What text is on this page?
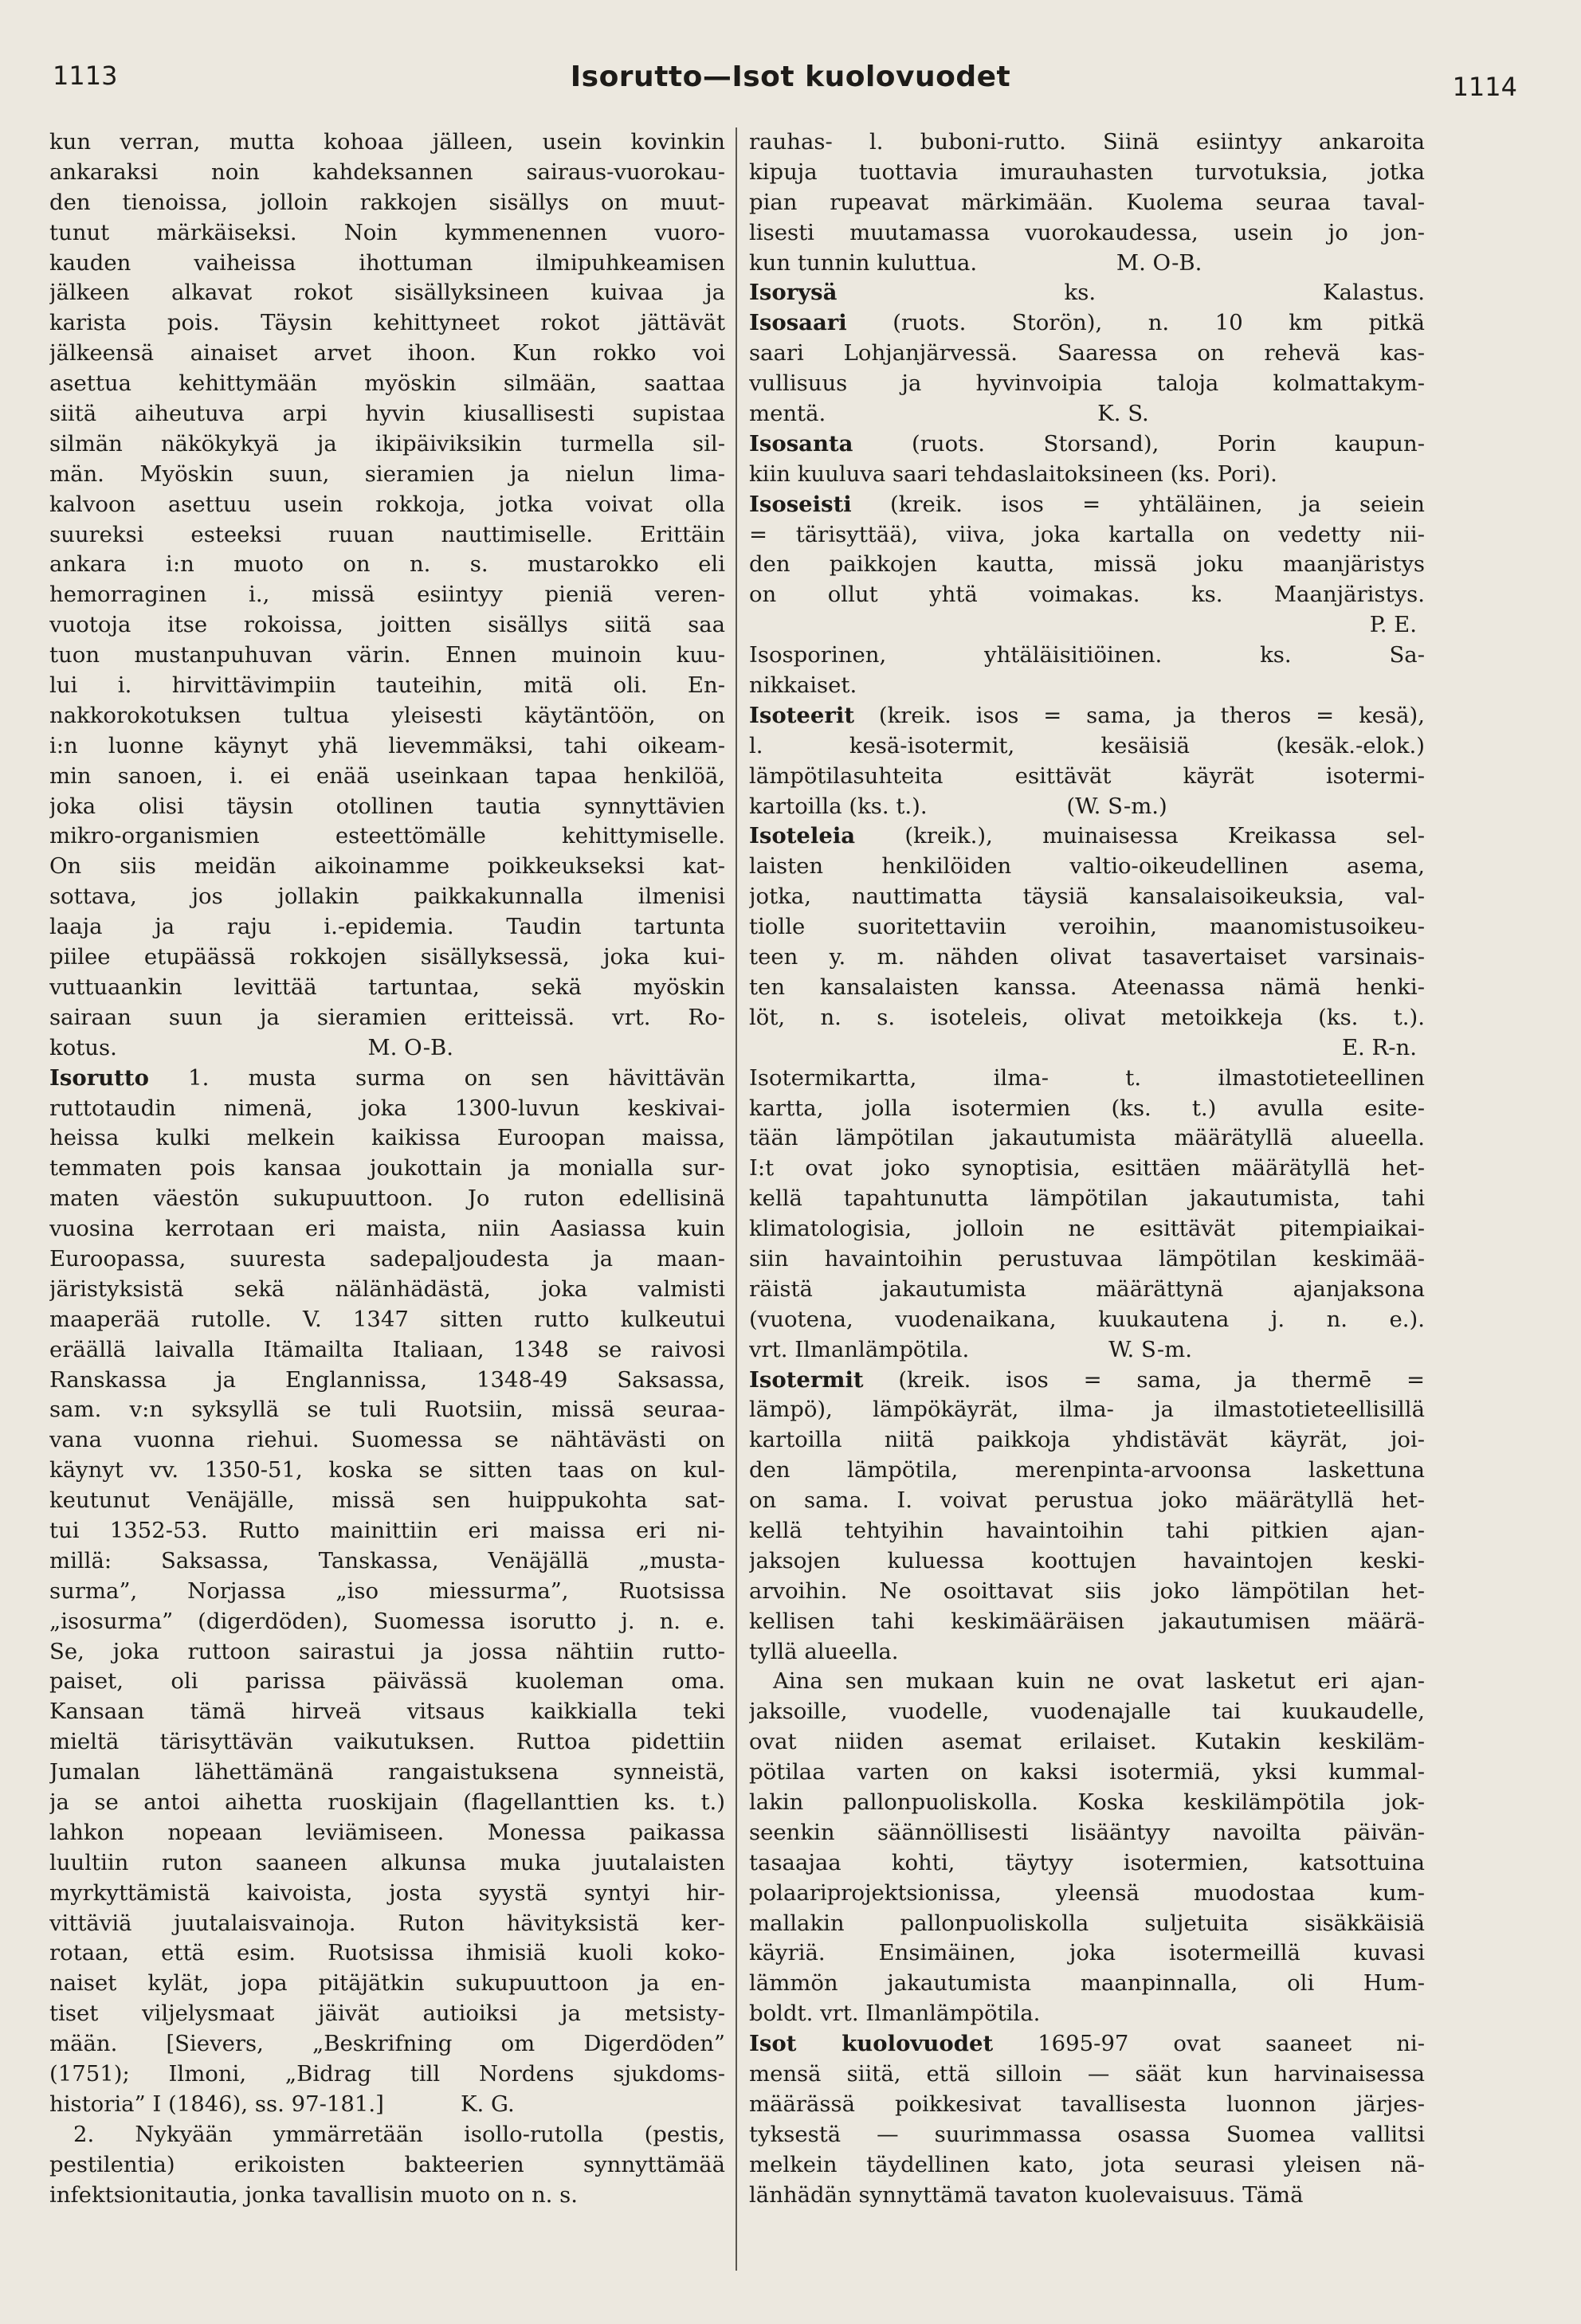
1113	Isorutto—Isot kuolovuodet	1114
kun verran, mutta kohoaa jälleen, usein kovinkin
ankaraksi noin kahdeksannen sairaus-vuorokau-
den tienoissa, jolloin rakkojen sisällys on muut-
tunut märkäiseksi. Noin kymmenennen vuoro-
kauden vaiheissa ihottuman ilmipuhkeamisen
jälkeen alkavat rokot sisällyksineen kuivaa ja
karista pois. Täysin kehittyneet rokot jättävät
jälkeensä ainaiset arvet ihoon. Kun rokko voi
asettua kehittymään myöskin silmään, saattaa
siitä aiheutuva arpi hyvin kiusallisesti supistaa
silmän näkökykyä ja ikipäiviksikin turmella sil-
män. Myöskin suun, sieramien ja nielun lima-
kalvoon asettuu usein rokkoja, jotka voivat olla
suureksi esteeksi ruuan nauttimiselle. Erittäin
ankara i:n muoto on n. s. mustarokko eli
hemorraginen i., missä esiintyy pieniä veren-
vuotoja itse rokoissa, joitten sisällys siitä saa
tuon mustanpuhuvan värin. Ennen muinoin kuu-
lui i. hirvittävimpiin tauteihin, mitä oli. En-
nakkorokotuksen tultua yleisesti käytäntöön, on
i:n luonne käynyt yhä lievemmäksi, tahi oikeam-
min sanoen, i. ei enää useinkaan tapaa henkilöä,
joka olisi täysin otollinen tautia synnyttävien
mikro-organismien esteettömälle kehittymiselle.
On siis meidän aikoinamme poikkeukseksi kat-
sottava, jos jollakin paikkakunnalla ilmenisi
laaja ja raju i.-epidemia. Taudin tartunta
piilee etupäässä rokkojen sisällyksessä, joka kui-
vuttuaankin levittää tartuntaa, sekä myöskin
sairaan suun ja sieramien eritteissä. vrt. Ro-
kotus.                                    M. O-B.
Isorutto 1. musta surma on sen hävittävän
ruttotaudin nimenä, joka 1300-luvun keskivai-
heissa kulki melkein kaikissa Euroopan maissa,
temmaten pois kansaa joukottain ja monialla sur-
maten väestön sukupuuttoon. Jo ruton edellisinä
vuosina kerrotaan eri maista, niin Aasiassa kuin
Euroopassa, suuresta sadepaljoudesta ja maan-
järistyksistä sekä nälänhädästä, joka valmisti
maaperää rutolle. V. 1347 sitten rutto kulkeutui
eräällä laivalla Itämailta Italiaan, 1348 se raivosi
Ranskassa ja Englannissa, 1348-49 Saksassa,
sam. v:n syksyllä se tuli Ruotsiin, missä seuraa-
vana vuonna riehui. Suomessa se nähtävästi on
käynyt vv. 1350-51, koska se sitten taas on kul-
keutunut Venäjälle, missä sen huippukohta sat-
tui 1352-53. Rutto mainittiin eri maissa eri ni-
millä: Saksassa, Tanskassa, Venäjällä „musta-
surma”, Norjassa „iso miessurma”, Ruotsissa
„isosurma” (digerdöden), Suomessa isorutto j. n. e.
Se, joka ruttoon sairastui ja jossa nähtiin rutto-
paiset, oli parissa päivässä kuoleman oma.
Kansaan tämä hirveä vitsaus kaikkialla teki
mieltä tärisyttävän vaikutuksen. Ruttoa pidettiin
Jumalan lähettämänä rangaistuksena synneistä,
ja se antoi aihetta ruoskijain (flagellanttien ks. t.)
lahkon nopeaan leviämiseen. Monessa paikassa
luultiin ruton saaneen alkunsa muka juutalaisten
myrkyttämistä kaivoista, josta syystä syntyi hir-
vittäviä juutalaisvainoja. Ruton hävityksistä ker-
rotaan, että esim. Ruotsissa ihmisiä kuoli koko-
naiset kylät, jopa pitäjätkin sukupuuttoon ja en-
tiset viljelysmaat jäivät autioiksi ja metsisty-
mään. [Sievers, „Beskrifning om Digerdöden”
(1751); Ilmoni, „Bidrag till Nordens sjukdoms-
historia” I (1846), ss. 97-181.]           K. G.
2. Nykyään ymmärretään isollo-rutolla (pestis,
pestilentia) erikoisten bakteerien synnyttämää
infektsionitautia, jonka tavallisin muoto on n. s.
rauhas- l. buboni-rutto. Siinä esiintyy ankaroita
kipuja tuottavia imurauhasten turvotuksia, jotka
pian rupeavat märkimään. Kuolema seuraa taval-
lisesti muutamassa vuorokaudessa, usein jo jon-
kun tunnin kuluttua.                    M. O-B.
Isorysä ks. Kalastus.
Isosaari (ruots. Storön), n. 10 km pitkä
saari Lohjanjärvessä. Saaressa on rehevä kas-
vullisuus ja hyvinvoipia taloja kolmattakym-
mentä.                                       K. S.
Isosanta (ruots. Storsand), Porin kaupun-
kiin kuuluva saari tehdaslaitoksineen (ks. Pori).
Isoseisti (kreik. isos = yhtäläinen, ja seiein
= tärisyttää), viiva, joka kartalla on vedetty nii-
den paikkojen kautta, missä joku maanjäristys
on ollut yhtä voimakas. ks. Maanjäristys.
P. E.
Isosporinen, yhtäläisitiöinen. ks. Sa-
nikkaiset.
Isoteerit (kreik. isos = sama, ja theros = kesä),
l. kesä-isotermit, kesäisiä (kesäk.-elok.)
lämpötilasuhteita esittävät käyrät isotermi-
kartoilla (ks. t.).                    (W. S-m.)
Isoteleia (kreik.), muinaisessa Kreikassa sel-
laisten henkilöiden valtio-oikeudellinen asema,
jotka, nauttimatta täysiä kansalaisoikeuksia, val-
tiolle suoritettaviin veroihin, maanomistusoikeu-
teen y. m. nähden olivat tasavertaiset varsinais-
ten kansalaisten kanssa. Ateenassa nämä henki-
löt, n. s. isoteleis, olivat metoikkeja (ks. t.).
E. R-n.
Isotermikartta, ilma- t. ilmastotieteellinen
kartta, jolla isotermien (ks. t.) avulla esite-
tään lämpötilan jakautumista määrätyllä alueella.
I:t ovat joko synoptisia, esittäen määrätyllä het-
kellä tapahtunutta lämpötilan jakautumista, tahi
klimatologisia, jolloin ne esittävät pitempiaikai-
siin havaintoihin perustuvaa lämpötilan keskimää-
räistä jakautumista määrättynä ajanjaksona
(vuotena, vuodenaikana, kuukautena j. n. e.).
vrt. Ilmanlämpötila.                    W. S-m.
Isotermit (kreik. isos = sama, ja thermē =
lämpö), lämpökäyrät, ilma- ja ilmastotieteellisillä
kartoilla niitä paikkoja yhdistävät käyrät, joi-
den lämpötila, merenpinta-arvoonsa laskettuna
on sama. I. voivat perustua joko määrätyllä het-
kellä tehtyihin havaintoihin tahi pitkien ajan-
jaksojen kuluessa koottujen havaintojen keski-
arvoihin. Ne osoittavat siis joko lämpötilan het-
kellisen tahi keskimääräisen jakautumisen määrä-
tyllä alueella.
Aina sen mukaan kuin ne ovat lasketut eri ajan-
jaksoille, vuodelle, vuodenajalle tai kuukaudelle,
ovat niiden asemat erilaiset. Kutakin keskiläm-
pötilaa varten on kaksi isotermiä, yksi kummal-
lakin pallonpuoliskolla. Koska keskilämpötila jok-
seenkin säännöllisesti lisääntyy navoilta päivän-
tasaajaa kohti, täytyy isotermien, katsottuina
polaariprojektsionissa, yleensä muodostaa kum-
mallakin pallonpuoliskolla suljetuita sisäkkäisiä
käyriä. Ensimäinen, joka isotermeillä kuvasi
lämmön jakautumista maanpinnalla, oli Hum-
boldt. vrt. Ilmanlämpötila.
Isot kuolovuodet 1695-97 ovat saaneet ni-
mensä siitä, että silloin — säät kun harvinaisessa
määrässä poikkesivat tavallisesta luonnon järjes-
tyksestä — suurimmassa osassa Suomea vallitsi
melkein täydellinen kato, jota seurasi yleisen nä-
länhädän synnyttämä tavaton kuolevaisuus. Tämä
